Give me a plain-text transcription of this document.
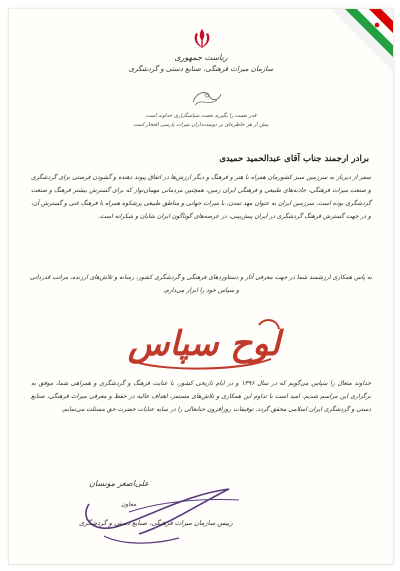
ریاست جمهوری
سازمان میراث فرهنگی، صنایع دستی و گردشگری
قدر نعمت را بگیرید نعمت سپاسگزاری خداوند است
بیش از هر خاطره‌ای بر دوست‌داران میراث پارسی افتخار است
برادر ارجمند جناب آقای عبدالحمید حمیدی
سفر از دیرباز به سرزمین سبز کشورمان همراه با هنر و فرهنگ و دیگر ارزش‌ها در اتفاق پیوند دهنده و گشودن فرصتی برای گردشگری و صنعت میراث فرهنگی، جاذبه‌های طبیعی و فرهنگی ایران زمین، همچنین مردمانی مهمان‌نواز که برای گسترش بیشتر فرهنگ و صنعت گردشگری بوده است. سرزمین ایران به عنوان مهد تمدن، با میراث جهانی و مناطق طبیعی پرشکوه همراه با فرهنگ غنی و گسترش آن، و در جهت گسترش فرهنگ گردشگری در ایران پیش‌بینی، در عرصه‌های گوناگون ایران شایان و شکرانه است.
به پاس همکاری ارزشمند شما در جهت معرفی آثار و دستاوردهای فرهنگی و گردشگری کشور، رسانه و تلاش‌های ارزنده، مراتب قدردانی و سپاس خود را ابراز می‌دارم.
لوح سپاس
خداوند متعال را سپاس می‌گویم که در سال ۱۳۹۶ و در ایام تاریخی کشور، با عنایت فرهنگ و گردشگری و همراهی شما، موفق به برگزاری این مراسم شدیم. امید است با تداوم این همکاری و تلاش‌های مستمر، اهداف عالیه در حفظ و معرفی میراث فرهنگی، صنایع دستی و گردشگری ایران اسلامی محقق گردد. توفیقات روزافزون جنابعالی را در سایه عنایات حضرت حق مسئلت می‌نمایم.
علی‌اصغر مونسان
معاون
رییس سازمان میراث فرهنگی، صنایع دستی و گردشگری
